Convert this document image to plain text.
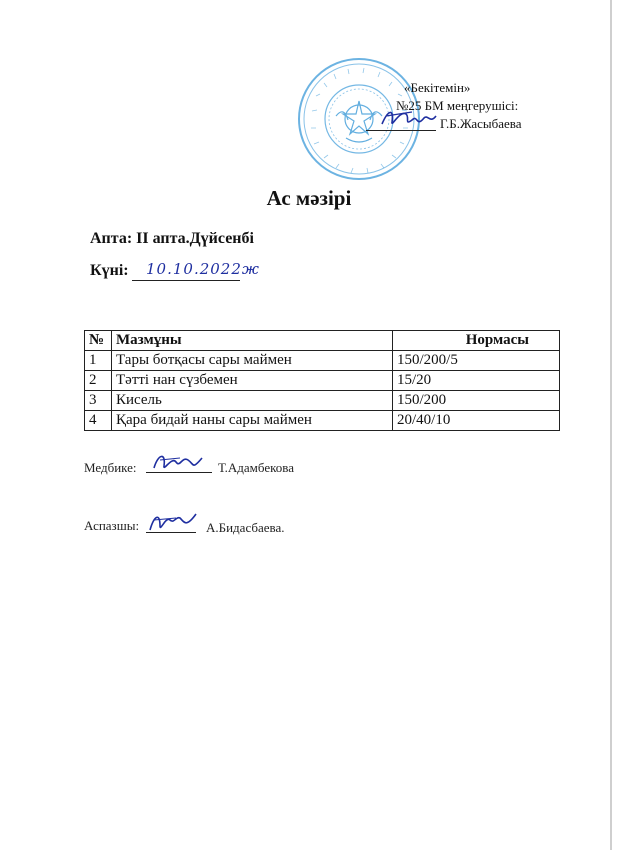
«Бекітемін»
№25 БМ меңгерушісі:
Г.Б.Жасыбаева
Ас мәзірі
Апта: II апта.Дүйсенбі
Күні: 10.10.2022ж
№	Мазмұны	Нормасы
1	Тары ботқасы сары маймен	150/200/5
2	Тәтті нан сүзбемен	15/20
3	Кисель	150/200
4	Қара бидай наны сары маймен	20/40/10
Медбике:	Т.Адамбекова
Аспазшы:	А.Бидасбаева.
